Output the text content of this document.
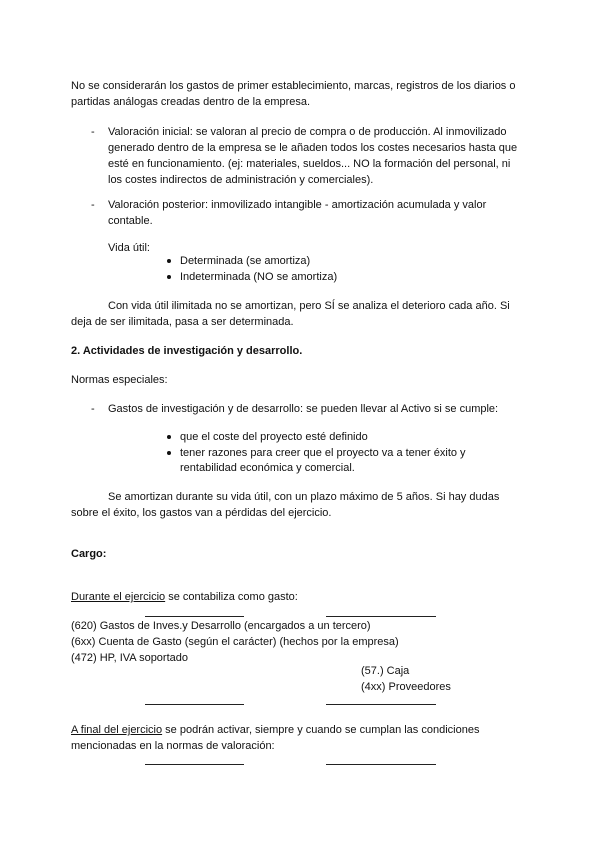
No se considerarán los gastos de primer establecimiento, marcas, registros de los diarios o
partidas análogas creadas dentro de la empresa.
- Valoración inicial: se valoran al precio de compra o de producción. Al inmovilizado
generado dentro de la empresa se le añaden todos los costes necesarios hasta que
esté en funcionamiento. (ej: materiales, sueldos... NO la formación del personal, ni
los costes indirectos de administración y comerciales).
- Valoración posterior: inmovilizado intangible - amortización acumulada y valor
contable.
Vida útil:
Determinada (se amortiza)
Indeterminada (NO se amortiza)
Con vida útil ilimitada no se amortizan, pero SÍ se analiza el deterioro cada año. Si
deja de ser ilimitada, pasa a ser determinada.
2. Actividades de investigación y desarrollo.
Normas especiales:
- Gastos de investigación y de desarrollo: se pueden llevar al Activo si se cumple:
que el coste del proyecto esté definido
tener razones para creer que el proyecto va a tener éxito y
rentabilidad económica y comercial.
Se amortizan durante su vida útil, con un plazo máximo de 5 años. Si hay dudas
sobre el éxito, los gastos van a pérdidas del ejercicio.
Cargo:
Durante el ejercicio se contabiliza como gasto:
(620) Gastos de Inves.y Desarrollo (encargados a un tercero)
(6xx) Cuenta de Gasto (según el carácter) (hechos por la empresa)
(472) HP, IVA soportado
(57.) Caja
(4xx) Proveedores
A final del ejercicio se podrán activar, siempre y cuando se cumplan las condiciones
mencionadas en la normas de valoración:
